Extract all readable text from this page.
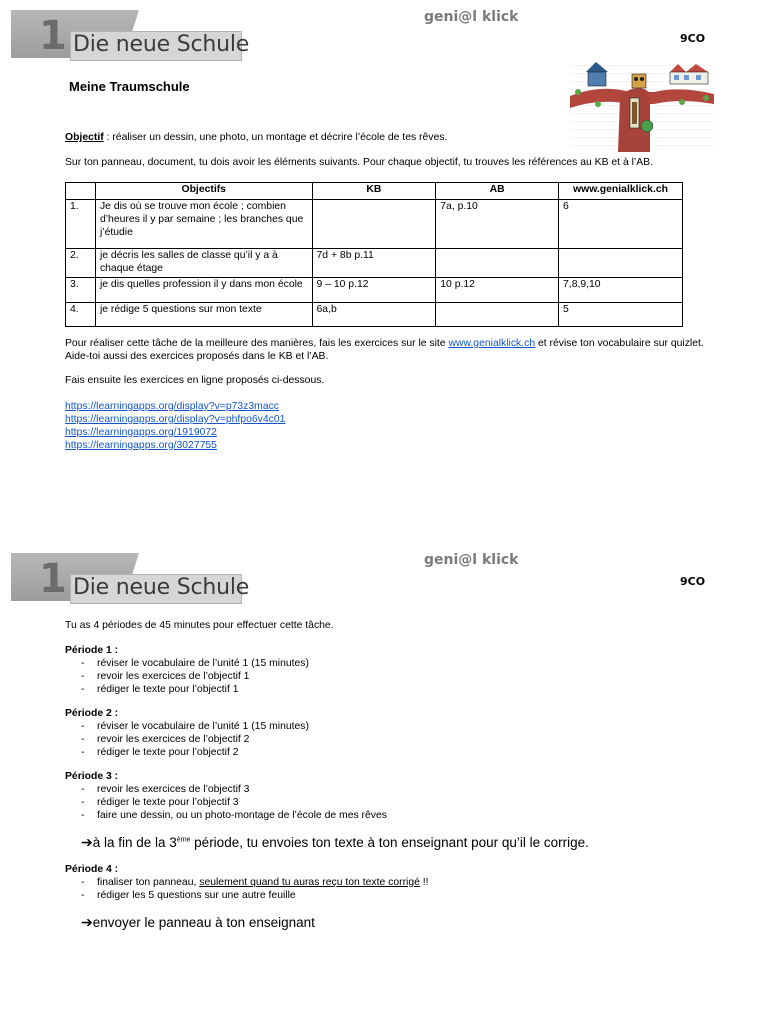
1 Die neue Schule
geni@l klick
9CO
Meine Traumschule
Objectif : réaliser un dessin, une photo, un montage et décrire l’école de tes rêves.
Sur ton panneau, document, tu dois avoir les éléments suivants. Pour chaque objectif, tu trouves les références au KB et à l’AB.
	Objectifs	KB	AB	www.genialklick.ch
1.	Je dis où se trouve mon école ; combien d’heures il y par semaine ; les branches que j’étudie		7a, p.10	6
2.	je décris les salles de classe qu’il y a à chaque étage	7d + 8b p.11		
3.	je dis quelles profession il y dans mon école	9 – 10 p.12	10 p.12	7,8,9,10
4.	je rédige 5 questions sur mon texte	6a,b		5
Pour réaliser cette tâche de la meilleure des manières, fais les exercices sur le site www.genialklick.ch et révise ton vocabulaire sur quizlet. Aide-toi aussi des exercices proposés dans le KB et l’AB.
Fais ensuite les exercices en ligne proposés ci-dessous.
https://learningapps.org/display?v=p73z3macc
https://learningapps.org/display?v=phfpo6v4c01
https://learningapps.org/1919072
https://learningapps.org/3027755
1 Die neue Schule
geni@l klick
9CO
Tu as 4 périodes de 45 minutes pour effectuer cette tâche.
Période 1 :
- réviser le vocabulaire de l’unité 1 (15 minutes)
- revoir les exercices de l’objectif 1
- rédiger le texte pour l’objectif 1
Période 2 :
- réviser le vocabulaire de l’unité 1 (15 minutes)
- revoir les exercices de l’objectif 2
- rédiger le texte pour l’objectif 2
Période 3 :
- revoir les exercices de l’objectif 3
- rédiger le texte pour l’objectif 3
- faire une dessin, ou un photo-montage de l’école de mes rêves
➔à la fin de la 3ème période, tu envoies ton texte à ton enseignant pour qu’il le corrige.
Période 4 :
- finaliser ton panneau, seulement quand tu auras reçu ton texte corrigé !!
- rédiger les 5 questions sur une autre feuille
➔envoyer le panneau à ton enseignant
